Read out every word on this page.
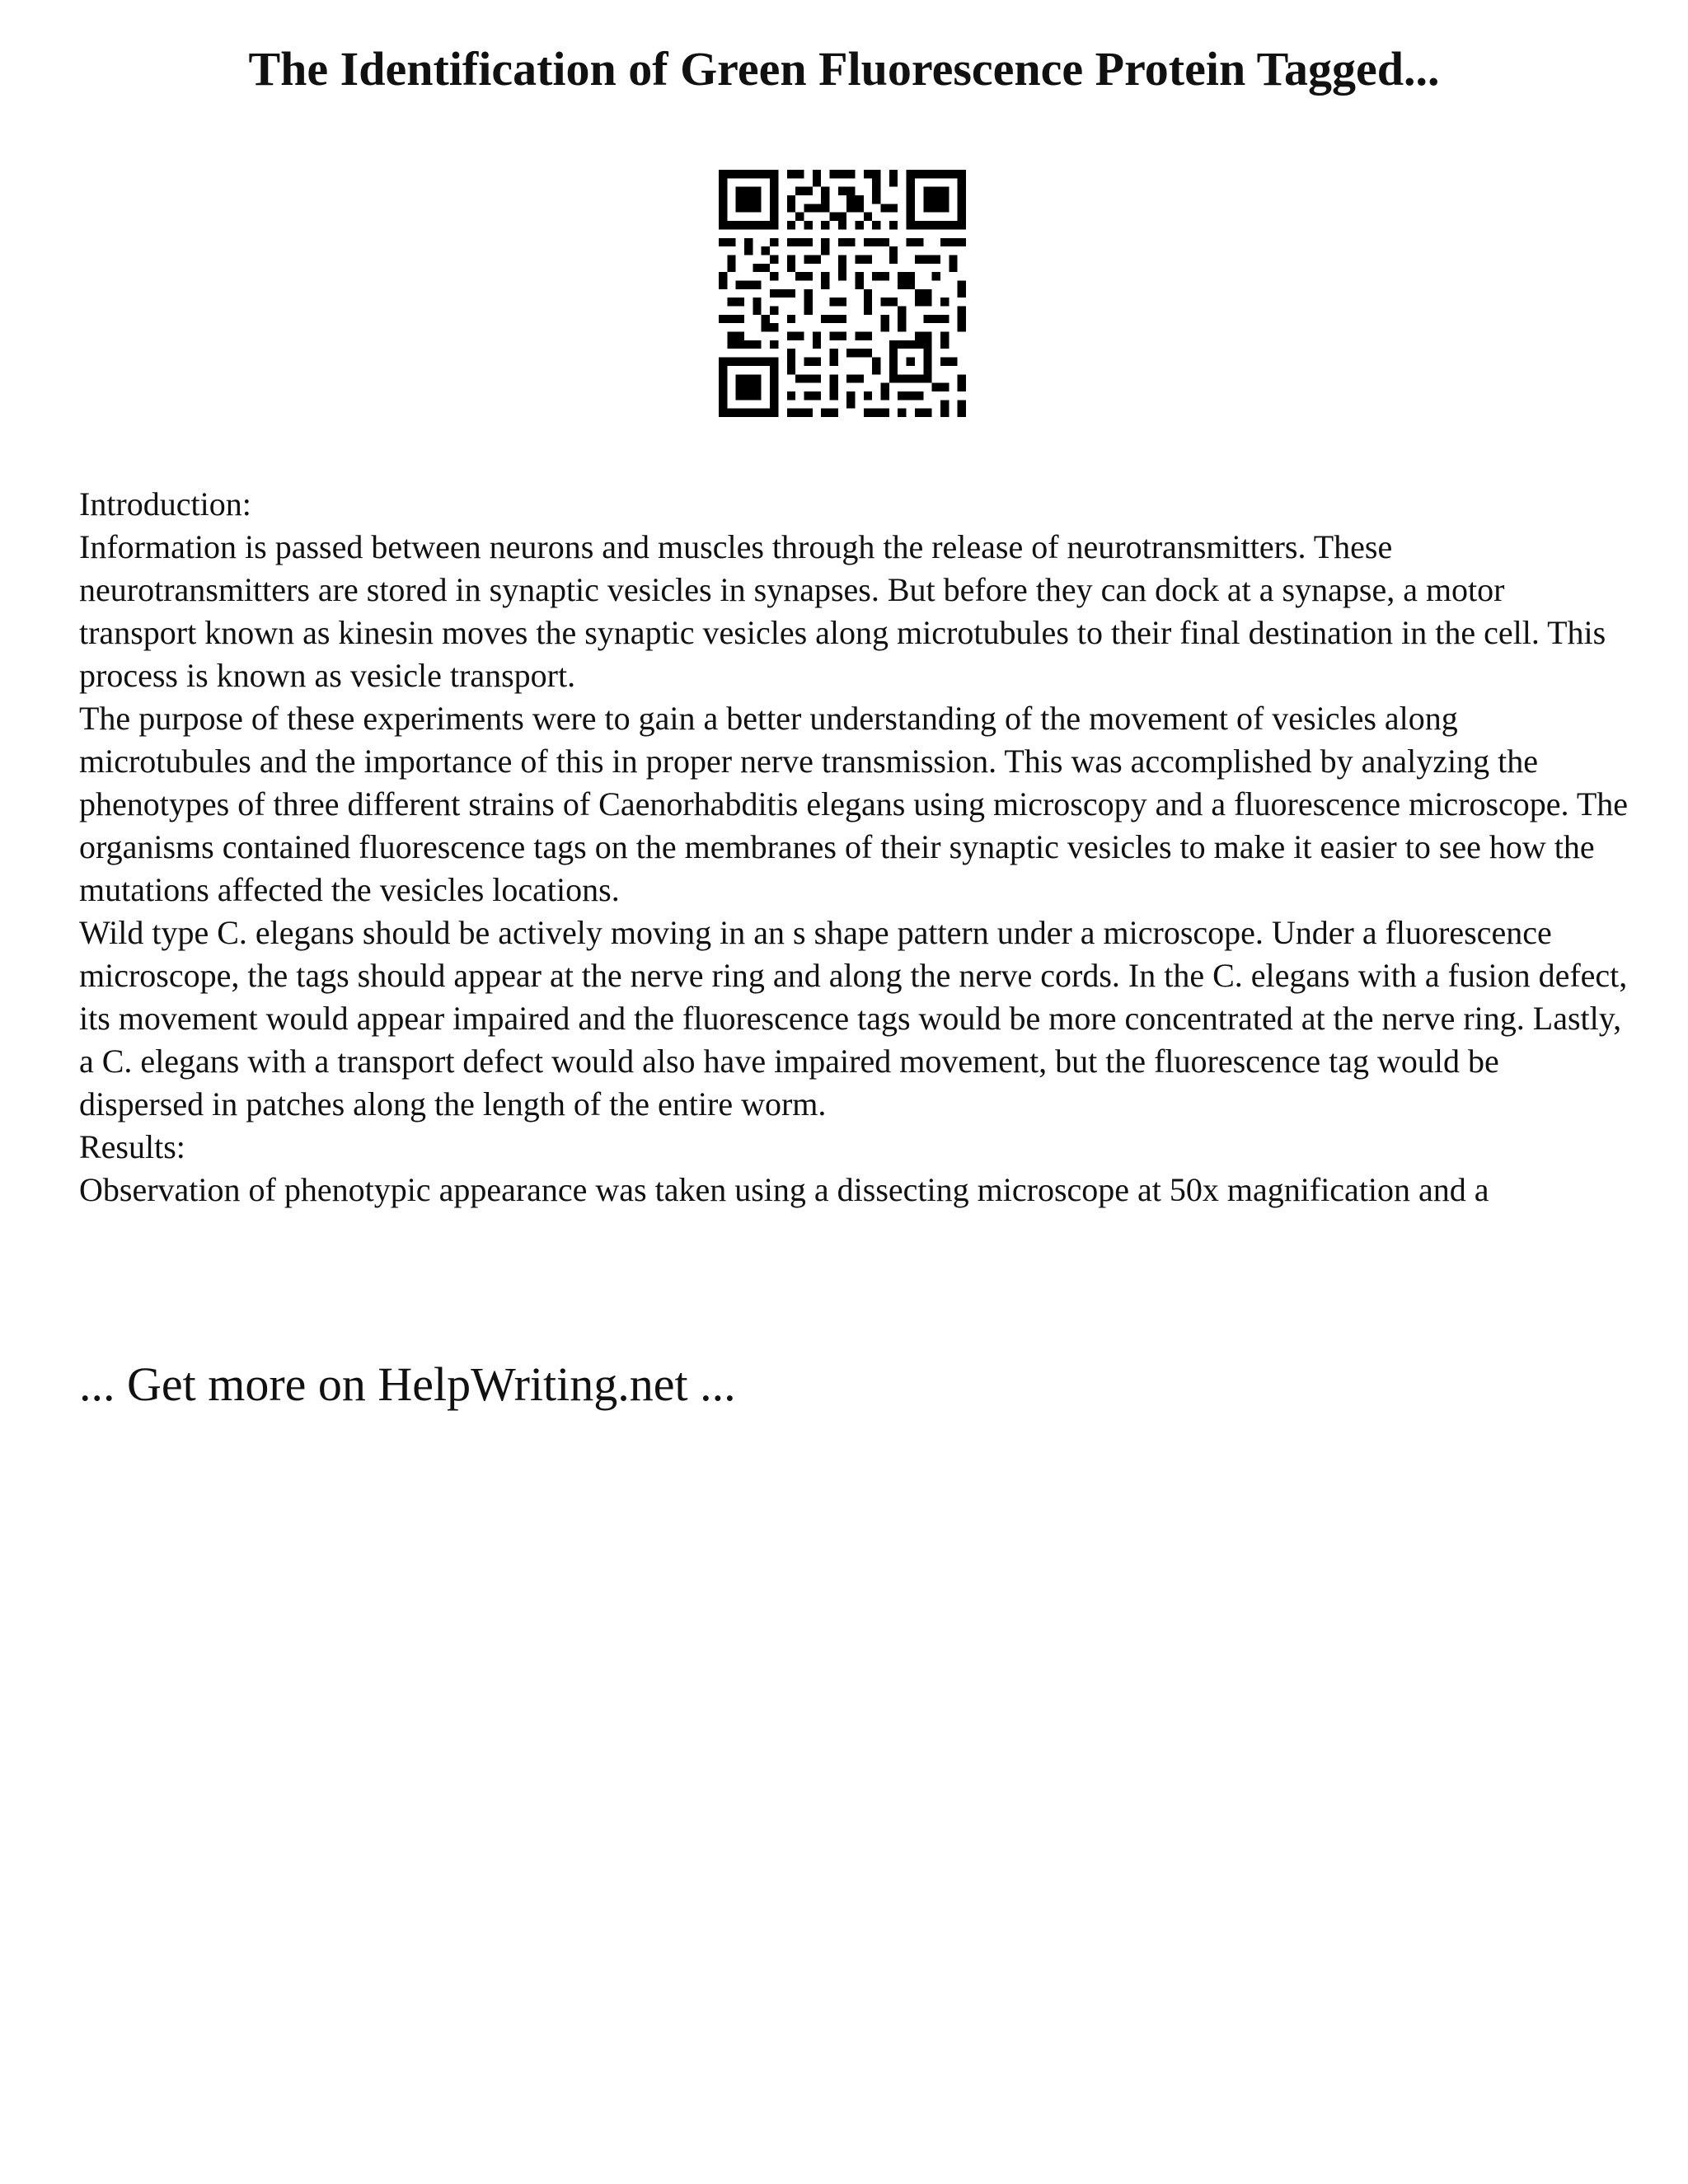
The Identification of Green Fluorescence Protein Tagged...

Introduction:

Information is passed between neurons and muscles through the release of neurotransmitters. These neurotransmitters are stored in synaptic vesicles in synapses. But before they can dock at a synapse, a motor transport known as kinesin moves the synaptic vesicles along microtubules to their final destination in the cell. This process is known as vesicle transport.

The purpose of these experiments were to gain a better understanding of the movement of vesicles along microtubules and the importance of this in proper nerve transmission. This was accomplished by analyzing the phenotypes of three different strains of Caenorhabditis elegans using microscopy and a fluorescence microscope. The organisms contained fluorescence tags on the membranes of their synaptic vesicles to make it easier to see how the mutations affected the vesicles locations.

Wild type C. elegans should be actively moving in an s shape pattern under a microscope. Under a fluorescence microscope, the tags should appear at the nerve ring and along the nerve cords. In the C. elegans with a fusion defect, its movement would appear impaired and the fluorescence tags would be more concentrated at the nerve ring. Lastly, a C. elegans with a transport defect would also have impaired movement, but the fluorescence tag would be dispersed in patches along the length of the entire worm.

Results:

Observation of phenotypic appearance was taken using a dissecting microscope at 50x magnification and a

... Get more on HelpWriting.net ...
